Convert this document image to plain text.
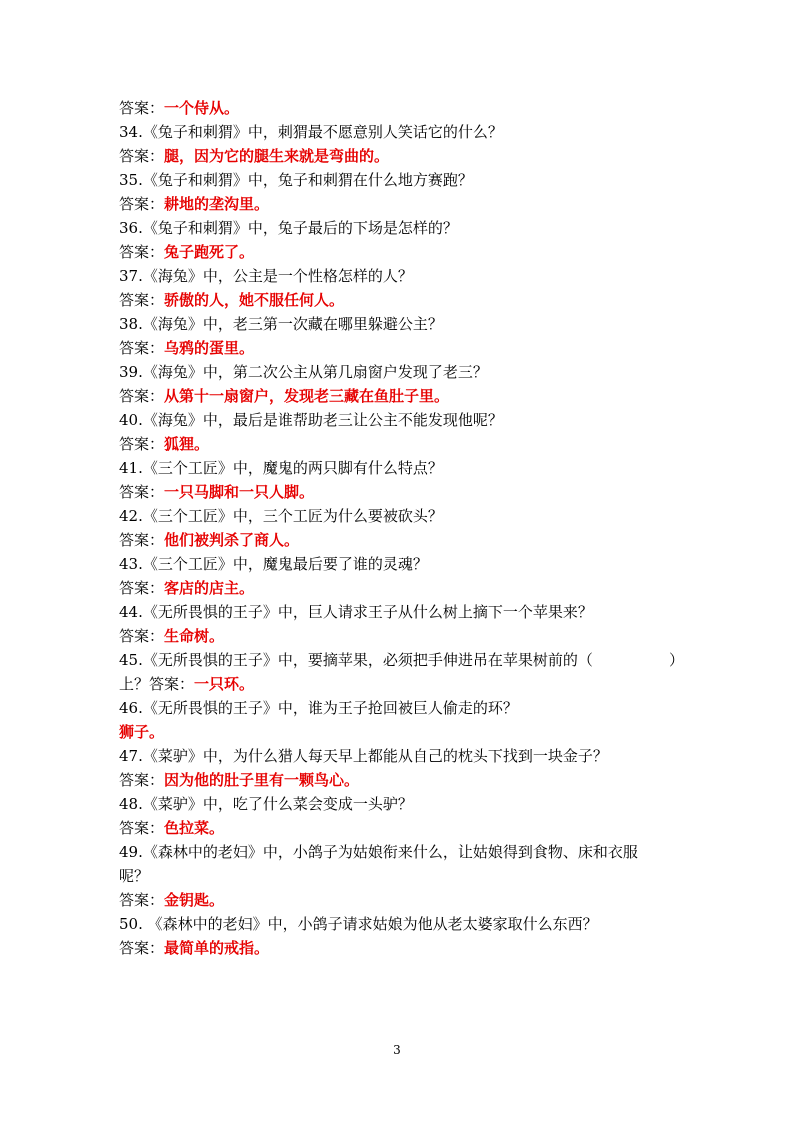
答案：一个侍从。
34.《兔子和刺猬》中，刺猬最不愿意别人笑话它的什么？
答案：腿，因为它的腿生来就是弯曲的。
35.《兔子和刺猬》中，兔子和刺猬在什么地方赛跑？
答案：耕地的垄沟里。
36.《兔子和刺猬》中，兔子最后的下场是怎样的？
答案：兔子跑死了。
37.《海兔》中，公主是一个性格怎样的人？
答案：骄傲的人，她不服任何人。
38.《海兔》中，老三第一次藏在哪里躲避公主？
答案：乌鸦的蛋里。
39.《海兔》中，第二次公主从第几扇窗户发现了老三？
答案：从第十一扇窗户，发现老三藏在鱼肚子里。
40.《海兔》中，最后是谁帮助老三让公主不能发现他呢？
答案：狐狸。
41.《三个工匠》中，魔鬼的两只脚有什么特点？
答案：一只马脚和一只人脚。
42.《三个工匠》中，三个工匠为什么要被砍头？
答案：他们被判杀了商人。
43.《三个工匠》中，魔鬼最后要了谁的灵魂？
答案：客店的店主。
44.《无所畏惧的王子》中，巨人请求王子从什么树上摘下一个苹果来？
答案：生命树。
45.《无所畏惧的王子》中，要摘苹果，必须把手伸进吊在苹果树前的（	）
上？答案：一只环。
46.《无所畏惧的王子》中，谁为王子抢回被巨人偷走的环？
狮子。
47.《菜驴》中，为什么猎人每天早上都能从自己的枕头下找到一块金子？
答案：因为他的肚子里有一颗鸟心。
48.《菜驴》中，吃了什么菜会变成一头驴？
答案：色拉菜。
49.《森林中的老妇》中，小鸽子为姑娘衔来什么，让姑娘得到食物、床和衣服
呢？
答案：金钥匙。
50. 《森林中的老妇》中，小鸽子请求姑娘为他从老太婆家取什么东西？
答案：最简单的戒指。
3
